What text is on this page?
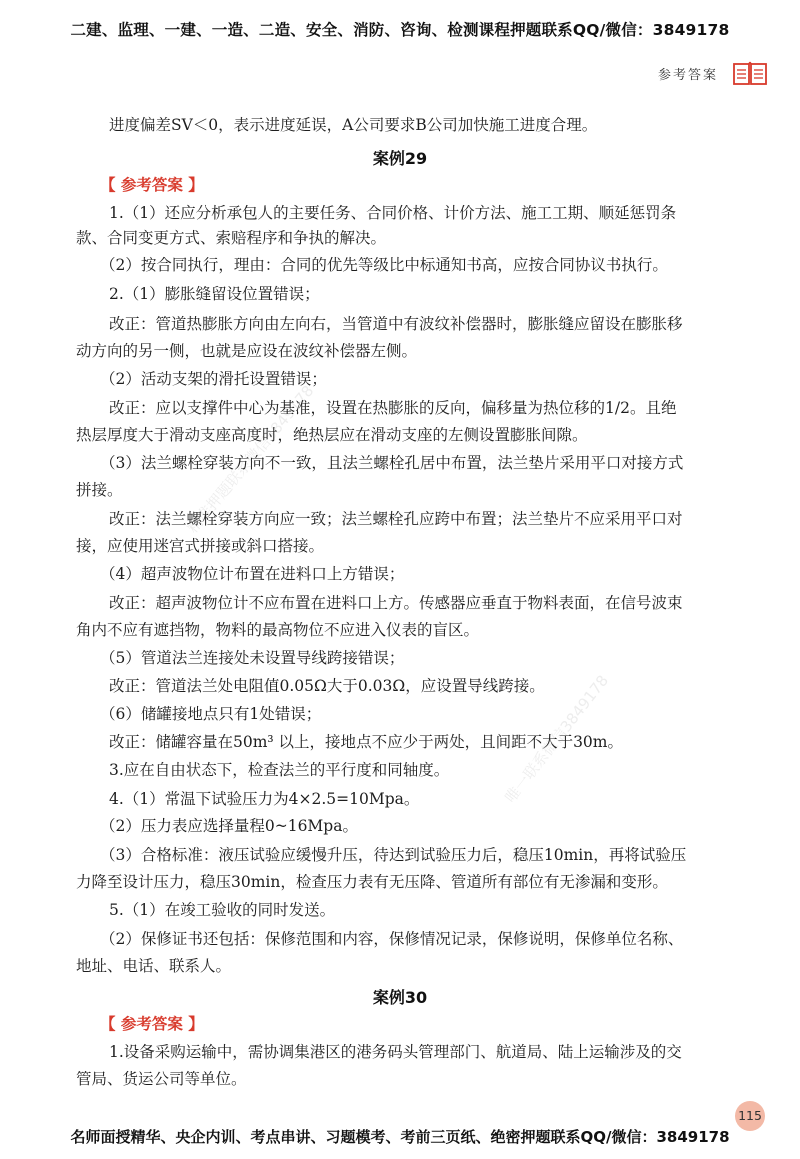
二建、监理、一建、一造、二造、安全、消防、咨询、检测课程押题联系QQ/微信：3849178
参考答案
进度偏差SV＜0，表示进度延误，A公司要求B公司加快施工进度合理。
案例29
【 参考答案 】
1.（1）还应分析承包人的主要任务、合同价格、计价方法、施工工期、顺延惩罚条
款、合同变更方式、索赔程序和争执的解决。
（2）按合同执行，理由：合同的优先等级比中标通知书高，应按合同协议书执行。
2.（1）膨胀缝留设位置错误；
改正：管道热膨胀方向由左向右，当管道中有波纹补偿器时，膨胀缝应留设在膨胀移
动方向的另一侧，也就是应设在波纹补偿器左侧。
（2）活动支架的滑托设置错误；
改正：应以支撑件中心为基准，设置在热膨胀的反向，偏移量为热位移的1/2。且绝
热层厚度大于滑动支座高度时，绝热层应在滑动支座的左侧设置膨胀间隙。
（3）法兰螺栓穿装方向不一致，且法兰螺栓孔居中布置，法兰垫片采用平口对接方式
拼接。
改正：法兰螺栓穿装方向应一致；法兰螺栓孔应跨中布置；法兰垫片不应采用平口对
接，应使用迷宫式拼接或斜口搭接。
（4）超声波物位计布置在进料口上方错误；
改正：超声波物位计不应布置在进料口上方。传感器应垂直于物料表面，在信号波束
角内不应有遮挡物，物料的最高物位不应进入仪表的盲区。
（5）管道法兰连接处未设置导线跨接错误；
改正：管道法兰处电阻值0.05Ω大于0.03Ω，应设置导线跨接。
（6）储罐接地点只有1处错误；
改正：储罐容量在50m³ 以上，接地点不应少于两处，且间距不大于30m。
3.应在自由状态下，检查法兰的平行度和同轴度。
4.（1）常温下试验压力为4×2.5=10Mpa。
（2）压力表应选择量程0~16Mpa。
（3）合格标准：液压试验应缓慢升压，待达到试验压力后，稳压10min，再将试验压
力降至设计压力，稳压30min，检查压力表有无压降、管道所有部位有无渗漏和变形。
5.（1）在竣工验收的同时发送。
（2）保修证书还包括：保修范围和内容，保修情况记录，保修说明，保修单位名称、
地址、电话、联系人。
案例30
【 参考答案 】
1.设备采购运输中，需协调集港区的港务码头管理部门、航道局、陆上运输涉及的交
管局、货运公司等单位。
唯一联系微信3849178
精准押题联系微信3849178
115
名师面授精华、央企内训、考点串讲、习题模考、考前三页纸、绝密押题联系QQ/微信：3849178
